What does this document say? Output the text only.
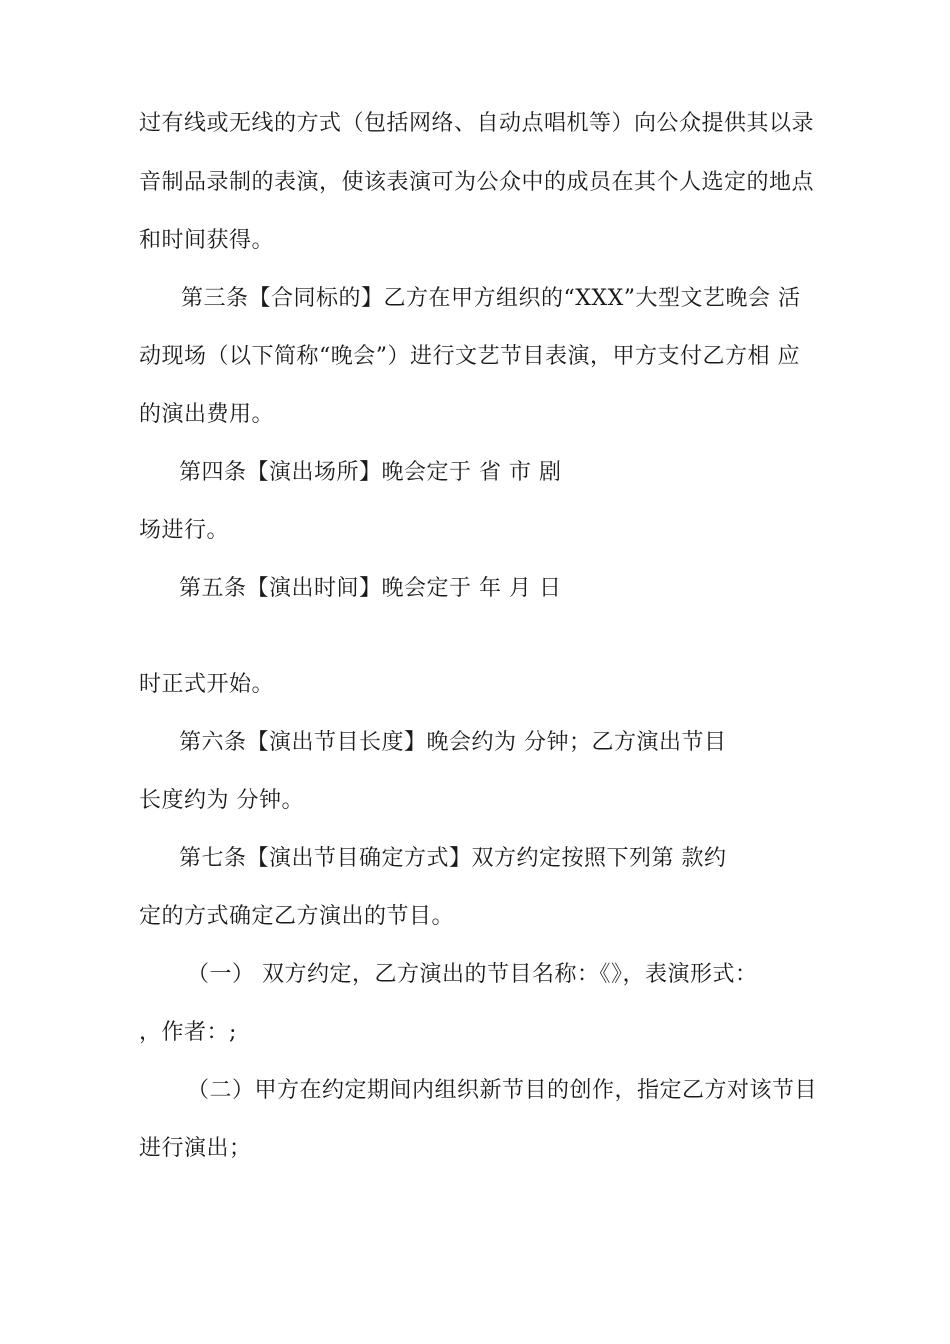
过有线或无线的方式（包括网络、自动点唱机等）向公众提供其以录
音制品录制的表演，使该表演可为公众中的成员在其个人选定的地点
和时间获得。
第三条【合同标的】乙方在甲方组织的“XXX”大型文艺晚会 活
动现场（以下简称“晚会”）进行文艺节目表演，甲方支付乙方相 应
的演出费用。
第四条【演出场所】晚会定于 省 市 剧
场进行。
第五条【演出时间】晚会定于 年 月 日
时正式开始。
第六条【演出节目长度】晚会约为 分钟；乙方演出节目
长度约为 分钟。
第七条【演出节目确定方式】双方约定按照下列第 款约
定的方式确定乙方演出的节目。
（一） 双方约定，乙方演出的节目名称：《》，表演形式：
，作者：;
（二）甲方在约定期间内组织新节目的创作，指定乙方对该节目
进行演出；
